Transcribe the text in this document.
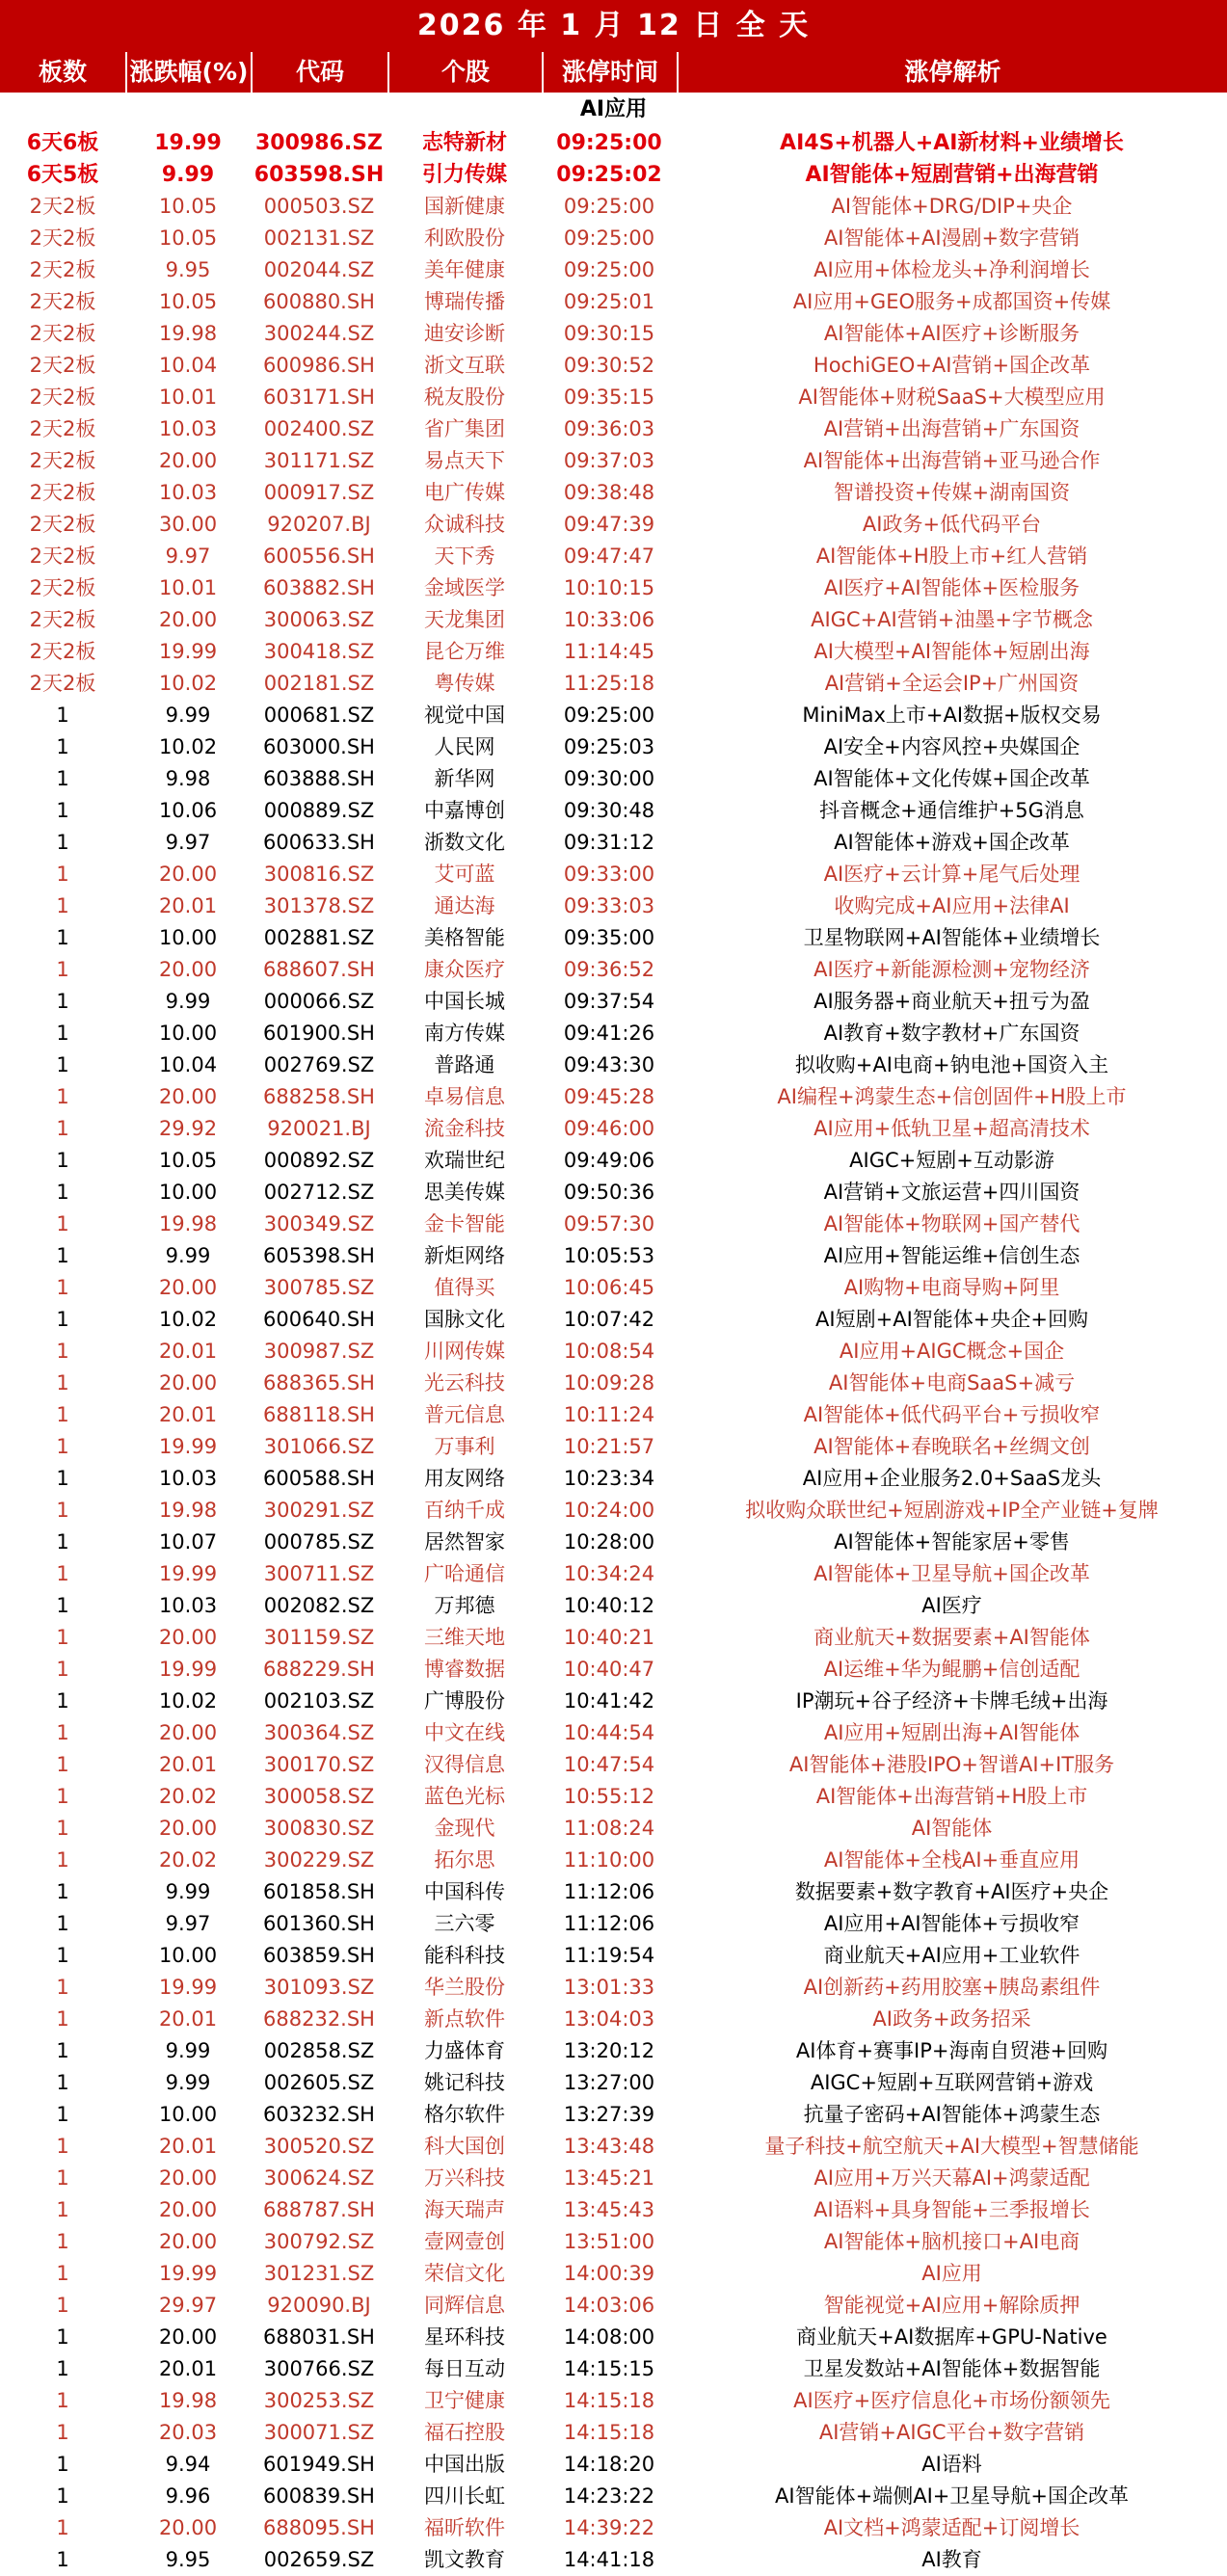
2026 年 1 月 12 日 全 天
板数	涨跌幅(%)	代码	个股	涨停时间	涨停解析
AI应用
6天6板	19.99	300986.SZ	志特新材	09:25:00	AI4S+机器人+AI新材料+业绩增长
6天5板	9.99	603598.SH	引力传媒	09:25:02	AI智能体+短剧营销+出海营销
2天2板	10.05	000503.SZ	国新健康	09:25:00	AI智能体+DRG/DIP+央企
2天2板	10.05	002131.SZ	利欧股份	09:25:00	AI智能体+AI漫剧+数字营销
2天2板	9.95	002044.SZ	美年健康	09:25:00	AI应用+体检龙头+净利润增长
2天2板	10.05	600880.SH	博瑞传播	09:25:01	AI应用+GEO服务+成都国资+传媒
2天2板	19.98	300244.SZ	迪安诊断	09:30:15	AI智能体+AI医疗+诊断服务
2天2板	10.04	600986.SH	浙文互联	09:30:52	HochiGEO+AI营销+国企改革
2天2板	10.01	603171.SH	税友股份	09:35:15	AI智能体+财税SaaS+大模型应用
2天2板	10.03	002400.SZ	省广集团	09:36:03	AI营销+出海营销+广东国资
2天2板	20.00	301171.SZ	易点天下	09:37:03	AI智能体+出海营销+亚马逊合作
2天2板	10.03	000917.SZ	电广传媒	09:38:48	智谱投资+传媒+湖南国资
2天2板	30.00	920207.BJ	众诚科技	09:47:39	AI政务+低代码平台
2天2板	9.97	600556.SH	天下秀	09:47:47	AI智能体+H股上市+红人营销
2天2板	10.01	603882.SH	金域医学	10:10:15	AI医疗+AI智能体+医检服务
2天2板	20.00	300063.SZ	天龙集团	10:33:06	AIGC+AI营销+油墨+字节概念
2天2板	19.99	300418.SZ	昆仑万维	11:14:45	AI大模型+AI智能体+短剧出海
2天2板	10.02	002181.SZ	粤传媒	11:25:18	AI营销+全运会IP+广州国资
1	9.99	000681.SZ	视觉中国	09:25:00	MiniMax上市+AI数据+版权交易
1	10.02	603000.SH	人民网	09:25:03	AI安全+内容风控+央媒国企
1	9.98	603888.SH	新华网	09:30:00	AI智能体+文化传媒+国企改革
1	10.06	000889.SZ	中嘉博创	09:30:48	抖音概念+通信维护+5G消息
1	9.97	600633.SH	浙数文化	09:31:12	AI智能体+游戏+国企改革
1	20.00	300816.SZ	艾可蓝	09:33:00	AI医疗+云计算+尾气后处理
1	20.01	301378.SZ	通达海	09:33:03	收购完成+AI应用+法律AI
1	10.00	002881.SZ	美格智能	09:35:00	卫星物联网+AI智能体+业绩增长
1	20.00	688607.SH	康众医疗	09:36:52	AI医疗+新能源检测+宠物经济
1	9.99	000066.SZ	中国长城	09:37:54	AI服务器+商业航天+扭亏为盈
1	10.00	601900.SH	南方传媒	09:41:26	AI教育+数字教材+广东国资
1	10.04	002769.SZ	普路通	09:43:30	拟收购+AI电商+钠电池+国资入主
1	20.00	688258.SH	卓易信息	09:45:28	AI编程+鸿蒙生态+信创固件+H股上市
1	29.92	920021.BJ	流金科技	09:46:00	AI应用+低轨卫星+超高清技术
1	10.05	000892.SZ	欢瑞世纪	09:49:06	AIGC+短剧+互动影游
1	10.00	002712.SZ	思美传媒	09:50:36	AI营销+文旅运营+四川国资
1	19.98	300349.SZ	金卡智能	09:57:30	AI智能体+物联网+国产替代
1	9.99	605398.SH	新炬网络	10:05:53	AI应用+智能运维+信创生态
1	20.00	300785.SZ	值得买	10:06:45	AI购物+电商导购+阿里
1	10.02	600640.SH	国脉文化	10:07:42	AI短剧+AI智能体+央企+回购
1	20.01	300987.SZ	川网传媒	10:08:54	AI应用+AIGC概念+国企
1	20.00	688365.SH	光云科技	10:09:28	AI智能体+电商SaaS+减亏
1	20.01	688118.SH	普元信息	10:11:24	AI智能体+低代码平台+亏损收窄
1	19.99	301066.SZ	万事利	10:21:57	AI智能体+春晚联名+丝绸文创
1	10.03	600588.SH	用友网络	10:23:34	AI应用+企业服务2.0+SaaS龙头
1	19.98	300291.SZ	百纳千成	10:24:00	拟收购众联世纪+短剧游戏+IP全产业链+复牌
1	10.07	000785.SZ	居然智家	10:28:00	AI智能体+智能家居+零售
1	19.99	300711.SZ	广哈通信	10:34:24	AI智能体+卫星导航+国企改革
1	10.03	002082.SZ	万邦德	10:40:12	AI医疗
1	20.00	301159.SZ	三维天地	10:40:21	商业航天+数据要素+AI智能体
1	19.99	688229.SH	博睿数据	10:40:47	AI运维+华为鲲鹏+信创适配
1	10.02	002103.SZ	广博股份	10:41:42	IP潮玩+谷子经济+卡牌毛绒+出海
1	20.00	300364.SZ	中文在线	10:44:54	AI应用+短剧出海+AI智能体
1	20.01	300170.SZ	汉得信息	10:47:54	AI智能体+港股IPO+智谱AI+IT服务
1	20.02	300058.SZ	蓝色光标	10:55:12	AI智能体+出海营销+H股上市
1	20.00	300830.SZ	金现代	11:08:24	AI智能体
1	20.02	300229.SZ	拓尔思	11:10:00	AI智能体+全栈AI+垂直应用
1	9.99	601858.SH	中国科传	11:12:06	数据要素+数字教育+AI医疗+央企
1	9.97	601360.SH	三六零	11:12:06	AI应用+AI智能体+亏损收窄
1	10.00	603859.SH	能科科技	11:19:54	商业航天+AI应用+工业软件
1	19.99	301093.SZ	华兰股份	13:01:33	AI创新药+药用胶塞+胰岛素组件
1	20.01	688232.SH	新点软件	13:04:03	AI政务+政务招采
1	9.99	002858.SZ	力盛体育	13:20:12	AI体育+赛事IP+海南自贸港+回购
1	9.99	002605.SZ	姚记科技	13:27:00	AIGC+短剧+互联网营销+游戏
1	10.00	603232.SH	格尔软件	13:27:39	抗量子密码+AI智能体+鸿蒙生态
1	20.01	300520.SZ	科大国创	13:43:48	量子科技+航空航天+AI大模型+智慧储能
1	20.00	300624.SZ	万兴科技	13:45:21	AI应用+万兴天幕AI+鸿蒙适配
1	20.00	688787.SH	海天瑞声	13:45:43	AI语料+具身智能+三季报增长
1	20.00	300792.SZ	壹网壹创	13:51:00	AI智能体+脑机接口+AI电商
1	19.99	301231.SZ	荣信文化	14:00:39	AI应用
1	29.97	920090.BJ	同辉信息	14:03:06	智能视觉+AI应用+解除质押
1	20.00	688031.SH	星环科技	14:08:00	商业航天+AI数据库+GPU-Native
1	20.01	300766.SZ	每日互动	14:15:15	卫星发数站+AI智能体+数据智能
1	19.98	300253.SZ	卫宁健康	14:15:18	AI医疗+医疗信息化+市场份额领先
1	20.03	300071.SZ	福石控股	14:15:18	AI营销+AIGC平台+数字营销
1	9.94	601949.SH	中国出版	14:18:20	AI语料
1	9.96	600839.SH	四川长虹	14:23:22	AI智能体+端侧AI+卫星导航+国企改革
1	20.00	688095.SH	福昕软件	14:39:22	AI文档+鸿蒙适配+订阅增长
1	9.95	002659.SZ	凯文教育	14:41:18	AI教育
